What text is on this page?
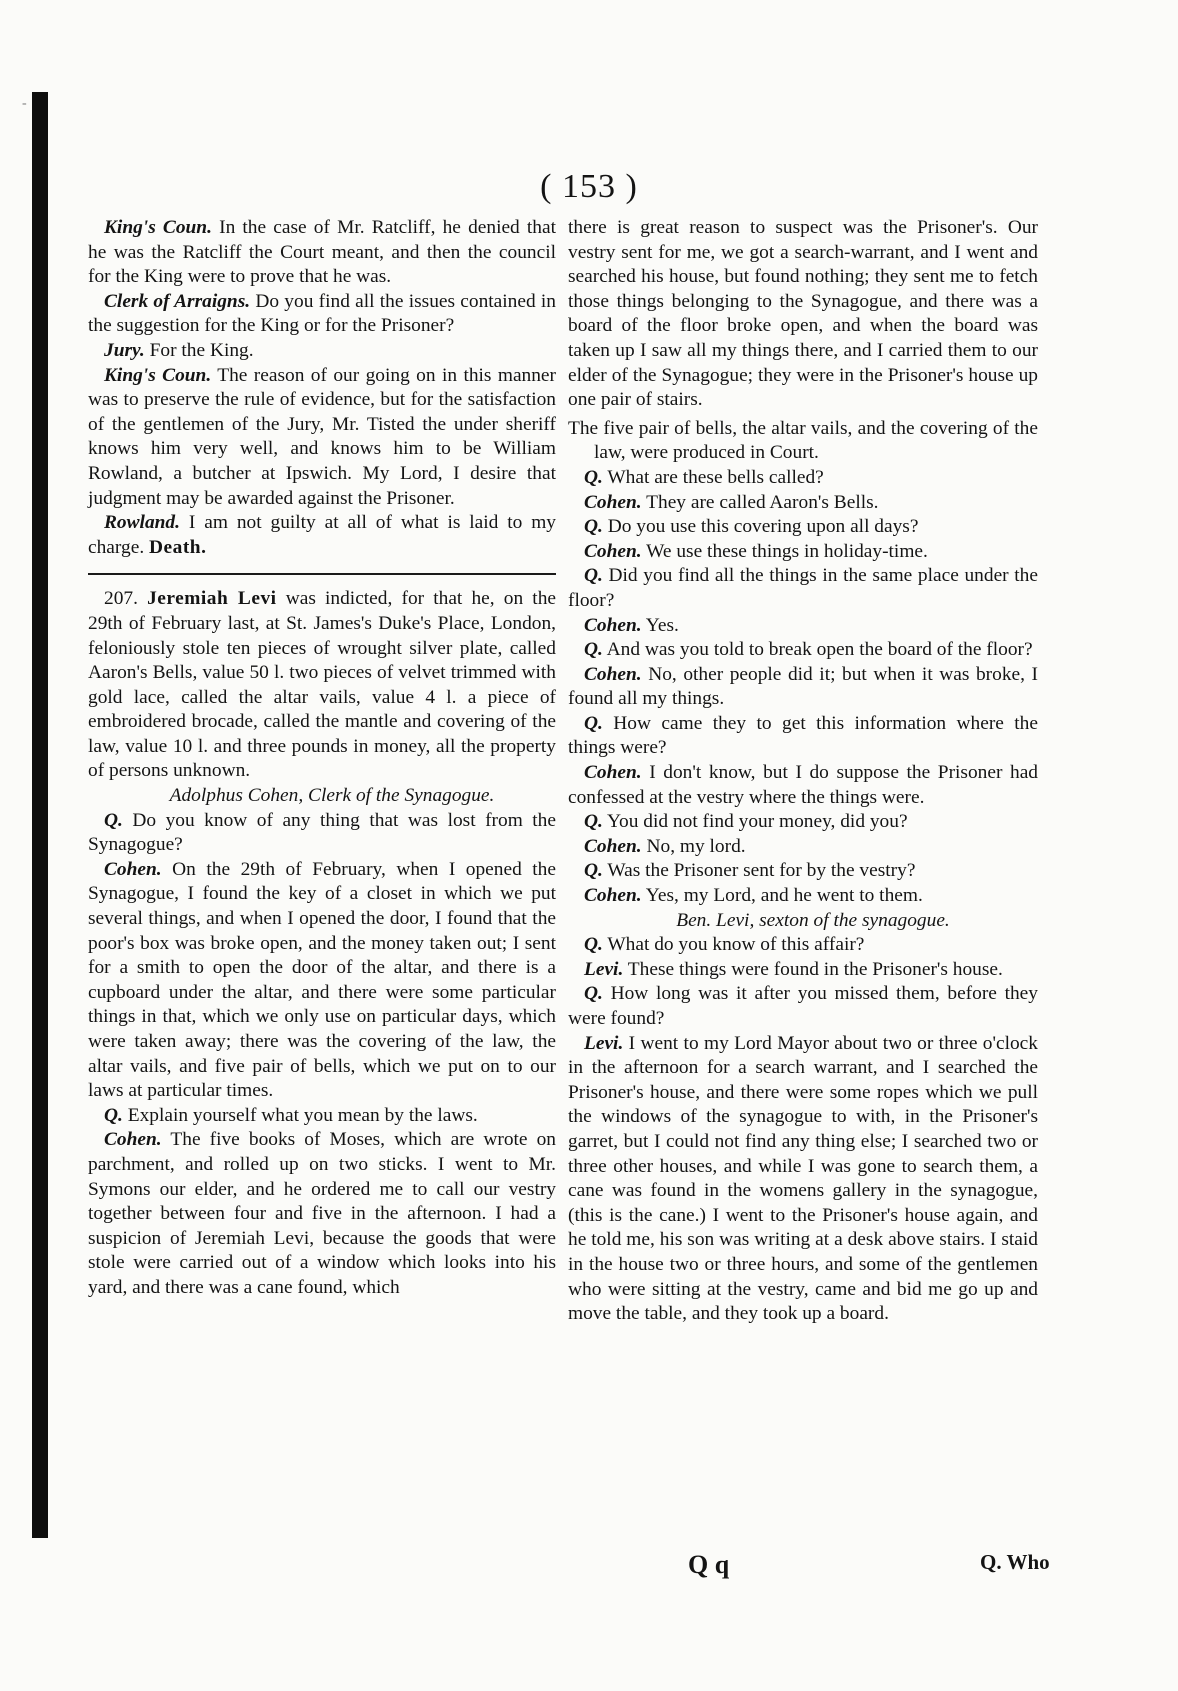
-
( 153 )

King's Coun. In the case of Mr. Ratcliff, he denied that he was the Ratcliff the Court meant, and then the council for the King were to prove that he was.

Clerk of Arraigns. Do you find all the issues contained in the suggestion for the King or for the Prisoner?

Jury. For the King.

King's Coun. The reason of our going on in this manner was to preserve the rule of evidence, but for the satisfaction of the gentlemen of the Jury, Mr. Tisted the under sheriff knows him very well, and knows him to be William Rowland, a butcher at Ipswich. My Lord, I desire that judgment may be awarded against the Prisoner.

Rowland. I am not guilty at all of what is laid to my charge. Death.

207. Jeremiah Levi was indicted, for that he, on the 29th of February last, at St. James's Duke's Place, London, feloniously stole ten pieces of wrought silver plate, called Aaron's Bells, value 50 l. two pieces of velvet trimmed with gold lace, called the altar vails, value 4 l. a piece of embroidered brocade, called the mantle and covering of the law, value 10 l. and three pounds in money, all the property of persons unknown.

Adolphus Cohen, Clerk of the Synagogue.

Q. Do you know of any thing that was lost from the Synagogue?

Cohen. On the 29th of February, when I opened the Synagogue, I found the key of a closet in which we put several things, and when I opened the door, I found that the poor's box was broke open, and the money taken out; I sent for a smith to open the door of the altar, and there is a cupboard under the altar, and there were some particular things in that, which we only use on particular days, which were taken away; there was the covering of the law, the altar vails, and five pair of bells, which we put on to our laws at particular times.

Q. Explain yourself what you mean by the laws.

Cohen. The five books of Moses, which are wrote on parchment, and rolled up on two sticks. I went to Mr. Symons our elder, and he ordered me to call our vestry together between four and five in the afternoon. I had a suspicion of Jeremiah Levi, because the goods that were stole were carried out of a window which looks into his yard, and there was a cane found, which

there is great reason to suspect was the Prisoner's. Our vestry sent for me, we got a search-warrant, and I went and searched his house, but found nothing; they sent me to fetch those things belonging to the Synagogue, and there was a board of the floor broke open, and when the board was taken up I saw all my things there, and I carried them to our elder of the Synagogue; they were in the Prisoner's house up one pair of stairs.

The five pair of bells, the altar vails, and the covering of the law, were produced in Court.

Q. What are these bells called?

Cohen. They are called Aaron's Bells.

Q. Do you use this covering upon all days?

Cohen. We use these things in holiday-time.

Q. Did you find all the things in the same place under the floor?

Cohen. Yes.

Q. And was you told to break open the board of the floor?

Cohen. No, other people did it; but when it was broke, I found all my things.

Q. How came they to get this information where the things were?

Cohen. I don't know, but I do suppose the Prisoner had confessed at the vestry where the things were.

Q. You did not find your money, did you?

Cohen. No, my lord.

Q. Was the Prisoner sent for by the vestry?

Cohen. Yes, my Lord, and he went to them.

Ben. Levi, sexton of the synagogue.

Q. What do you know of this affair?

Levi. These things were found in the Prisoner's house.

Q. How long was it after you missed them, before they were found?

Levi. I went to my Lord Mayor about two or three o'clock in the afternoon for a search warrant, and I searched the Prisoner's house, and there were some ropes which we pull the windows of the synagogue to with, in the Prisoner's garret, but I could not find any thing else; I searched two or three other houses, and while I was gone to search them, a cane was found in the womens gallery in the synagogue, (this is the cane.) I went to the Prisoner's house again, and he told me, his son was writing at a desk above stairs. I staid in the house two or three hours, and some of the gentlemen who were sitting at the vestry, came and bid me go up and move the table, and they took up a board.

Q q	Q. Who
